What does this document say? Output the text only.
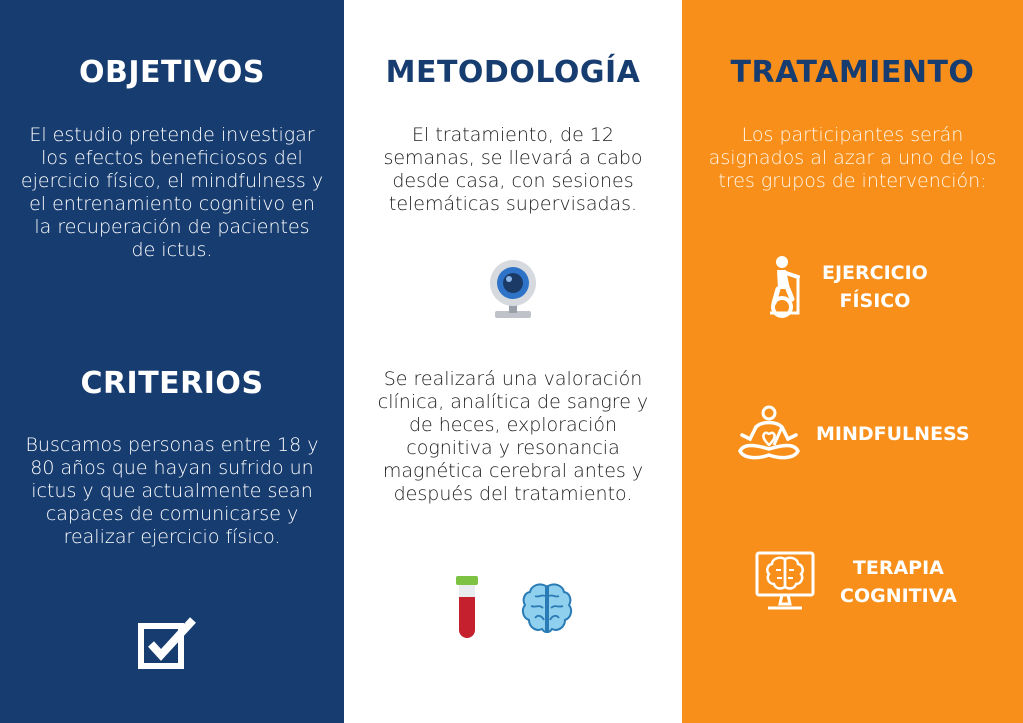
OBJETIVOS
El estudio pretende investigar los efectos beneficiosos del ejercicio físico, el mindfulness y el entrenamiento cognitivo en la recuperación de pacientes de ictus.
CRITERIOS
Buscamos personas entre 18 y 80 años que hayan sufrido un ictus y que actualmente sean capaces de comunicarse y realizar ejercicio físico.
METODOLOGÍA
El tratamiento, de 12 semanas, se llevará a cabo desde casa, con sesiones telemáticas supervisadas.
Se realizará una valoración clínica, analítica de sangre y de heces, exploración cognitiva y resonancia magnética cerebral antes y después del tratamiento.
TRATAMIENTO
Los participantes serán asignados al azar a uno de los tres grupos de intervención:
EJERCICIO
FÍSICO
MINDFULNESS
TERAPIA
COGNITIVA
